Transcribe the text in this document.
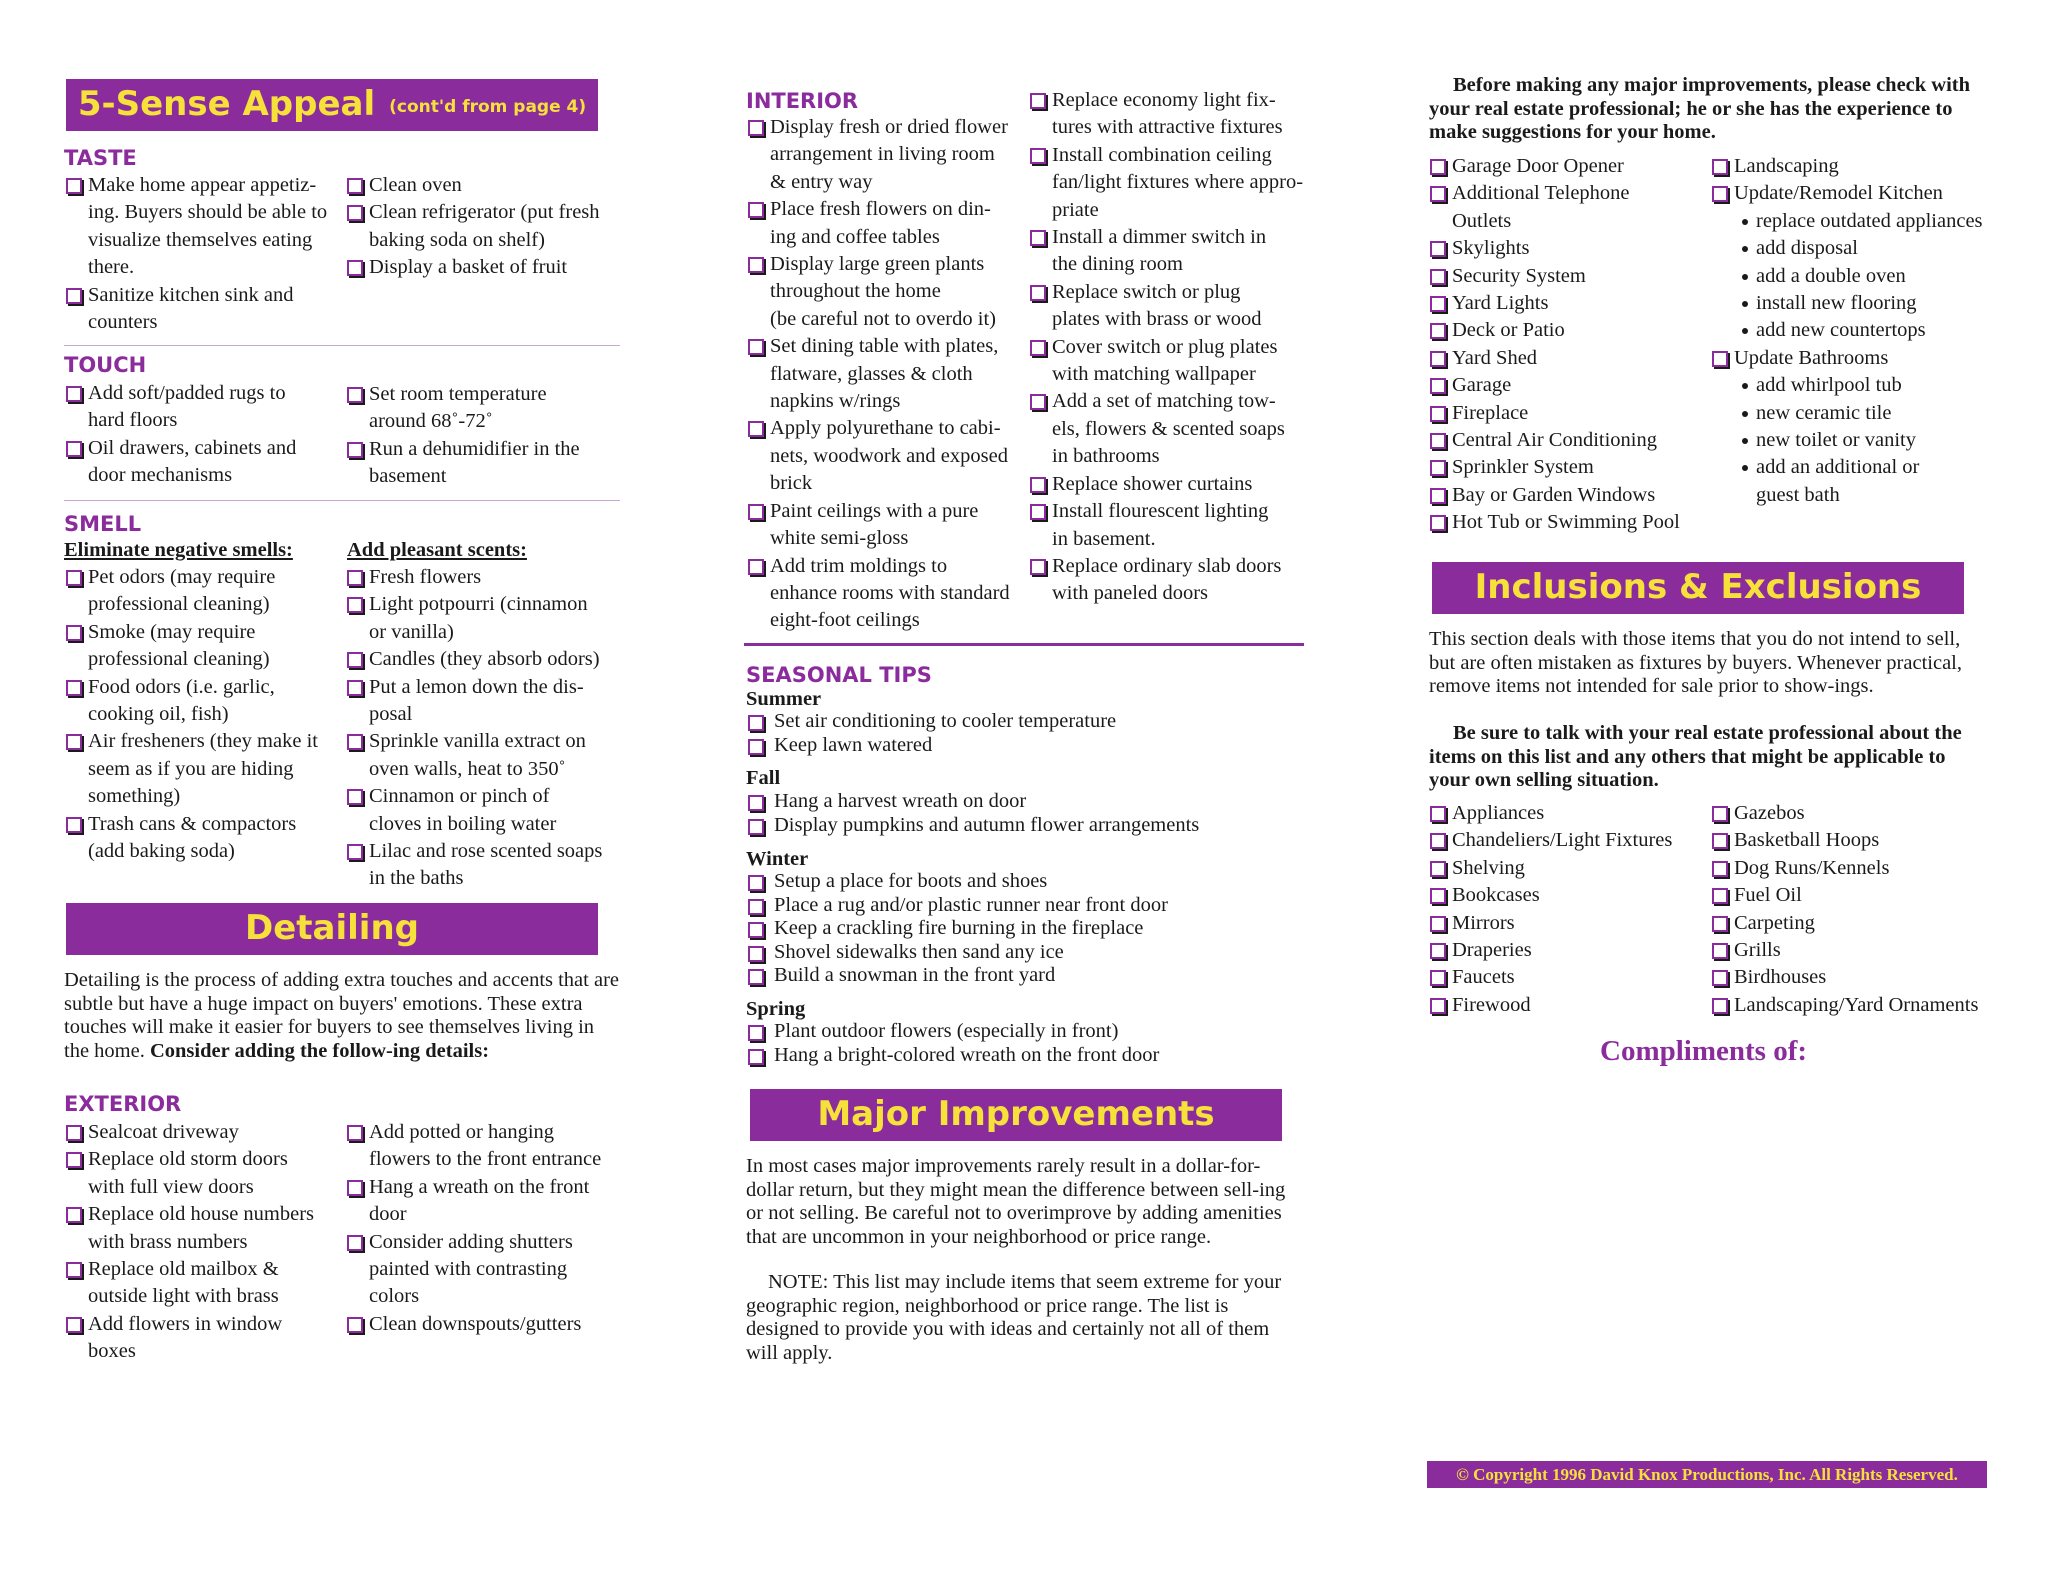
5-Sense Appeal (cont'd from page 4)
TASTE
Make home appear appetiz-
ing. Buyers should be able to
visualize themselves eating
there.
Sanitize kitchen sink and
counters
Clean oven
Clean refrigerator (put fresh
baking soda on shelf)
Display a basket of fruit
TOUCH
Add soft/padded rugs to
hard floors
Oil drawers, cabinets and
door mechanisms
Set room temperature
around 68˚-72˚
Run a dehumidifier in the
basement
SMELL
Eliminate negative smells:	Add pleasant scents:
Pet odors (may require
professional cleaning)
Smoke (may require
professional cleaning)
Food odors (i.e. garlic,
cooking oil, fish)
Air fresheners (they make it
seem as if you are hiding
something)
Trash cans & compactors
(add baking soda)
Fresh flowers
Light potpourri (cinnamon
or vanilla)
Candles (they absorb odors)
Put a lemon down the dis-
posal
Sprinkle vanilla extract on
oven walls, heat to 350˚
Cinnamon or pinch of
cloves in boiling water
Lilac and rose scented soaps
in the baths
Detailing
Detailing is the process of adding extra touches and accents that are subtle but have a huge impact on buyers' emotions. These extra touches will make it easier for buyers to see themselves living in the home. Consider adding the follow-ing details:
EXTERIOR
Sealcoat driveway
Replace old storm doors
with full view doors
Replace old house numbers
with brass numbers
Replace old mailbox &
outside light with brass
Add flowers in window
boxes
Add potted or hanging
flowers to the front entrance
Hang a wreath on the front
door
Consider adding shutters
painted with contrasting
colors
Clean downspouts/gutters
INTERIOR
Display fresh or dried flower
arrangement in living room
& entry way
Place fresh flowers on din-
ing and coffee tables
Display large green plants
throughout the home
(be careful not to overdo it)
Set dining table with plates,
flatware, glasses & cloth
napkins w/rings
Apply polyurethane to cabi-
nets, woodwork and exposed
brick
Paint ceilings with a pure
white semi-gloss
Add trim moldings to
enhance rooms with standard
eight-foot ceilings
Replace economy light fix-
tures with attractive fixtures
Install combination ceiling
fan/light fixtures where appro-
priate
Install a dimmer switch in
the dining room
Replace switch or plug
plates with brass or wood
Cover switch or plug plates
with matching wallpaper
Add a set of matching tow-
els, flowers & scented soaps
in bathrooms
Replace shower curtains
Install flourescent lighting
in basement.
Replace ordinary slab doors
with paneled doors
SEASONAL TIPS
Summer
Set air conditioning to cooler temperature
Keep lawn watered
Fall
Hang a harvest wreath on door
Display pumpkins and autumn flower arrangements
Winter
Setup a place for boots and shoes
Place a rug and/or plastic runner near front door
Keep a crackling fire burning in the fireplace
Shovel sidewalks then sand any ice
Build a snowman in the front yard
Spring
Plant outdoor flowers (especially in front)
Hang a bright-colored wreath on the front door
Major Improvements
In most cases major improvements rarely result in a dollar-for-dollar return, but they might mean the difference between sell-ing or not selling. Be careful not to overimprove by adding amenities that are uncommon in your neighborhood or price range.
NOTE: This list may include items that seem extreme for your geographic region, neighborhood or price range. The list is designed to provide you with ideas and certainly not all of them will apply.
Before making any major improvements, please check with your real estate professional; he or she has the experience to make suggestions for your home.
Garage Door Opener
Additional Telephone
Outlets
Skylights
Security System
Yard Lights
Deck or Patio
Yard Shed
Garage
Fireplace
Central Air Conditioning
Sprinkler System
Bay or Garden Windows
Hot Tub or Swimming Pool
Landscaping
Update/Remodel Kitchen
replace outdated appliances
add disposal
add a double oven
install new flooring
add new countertops
Update Bathrooms
add whirlpool tub
new ceramic tile
new toilet or vanity
add an additional or
guest bath
Inclusions & Exclusions
This section deals with those items that you do not intend to sell, but are often mistaken as fixtures by buyers. Whenever practical, remove items not intended for sale prior to show-ings.
Be sure to talk with your real estate professional about the items on this list and any others that might be applicable to your own selling situation.
Appliances
Chandeliers/Light Fixtures
Shelving
Bookcases
Mirrors
Draperies
Faucets
Firewood
Gazebos
Basketball Hoops
Dog Runs/Kennels
Fuel Oil
Carpeting
Grills
Birdhouses
Landscaping/Yard Ornaments
Compliments of:
© Copyright 1996 David Knox Productions, Inc. All Rights Reserved.
